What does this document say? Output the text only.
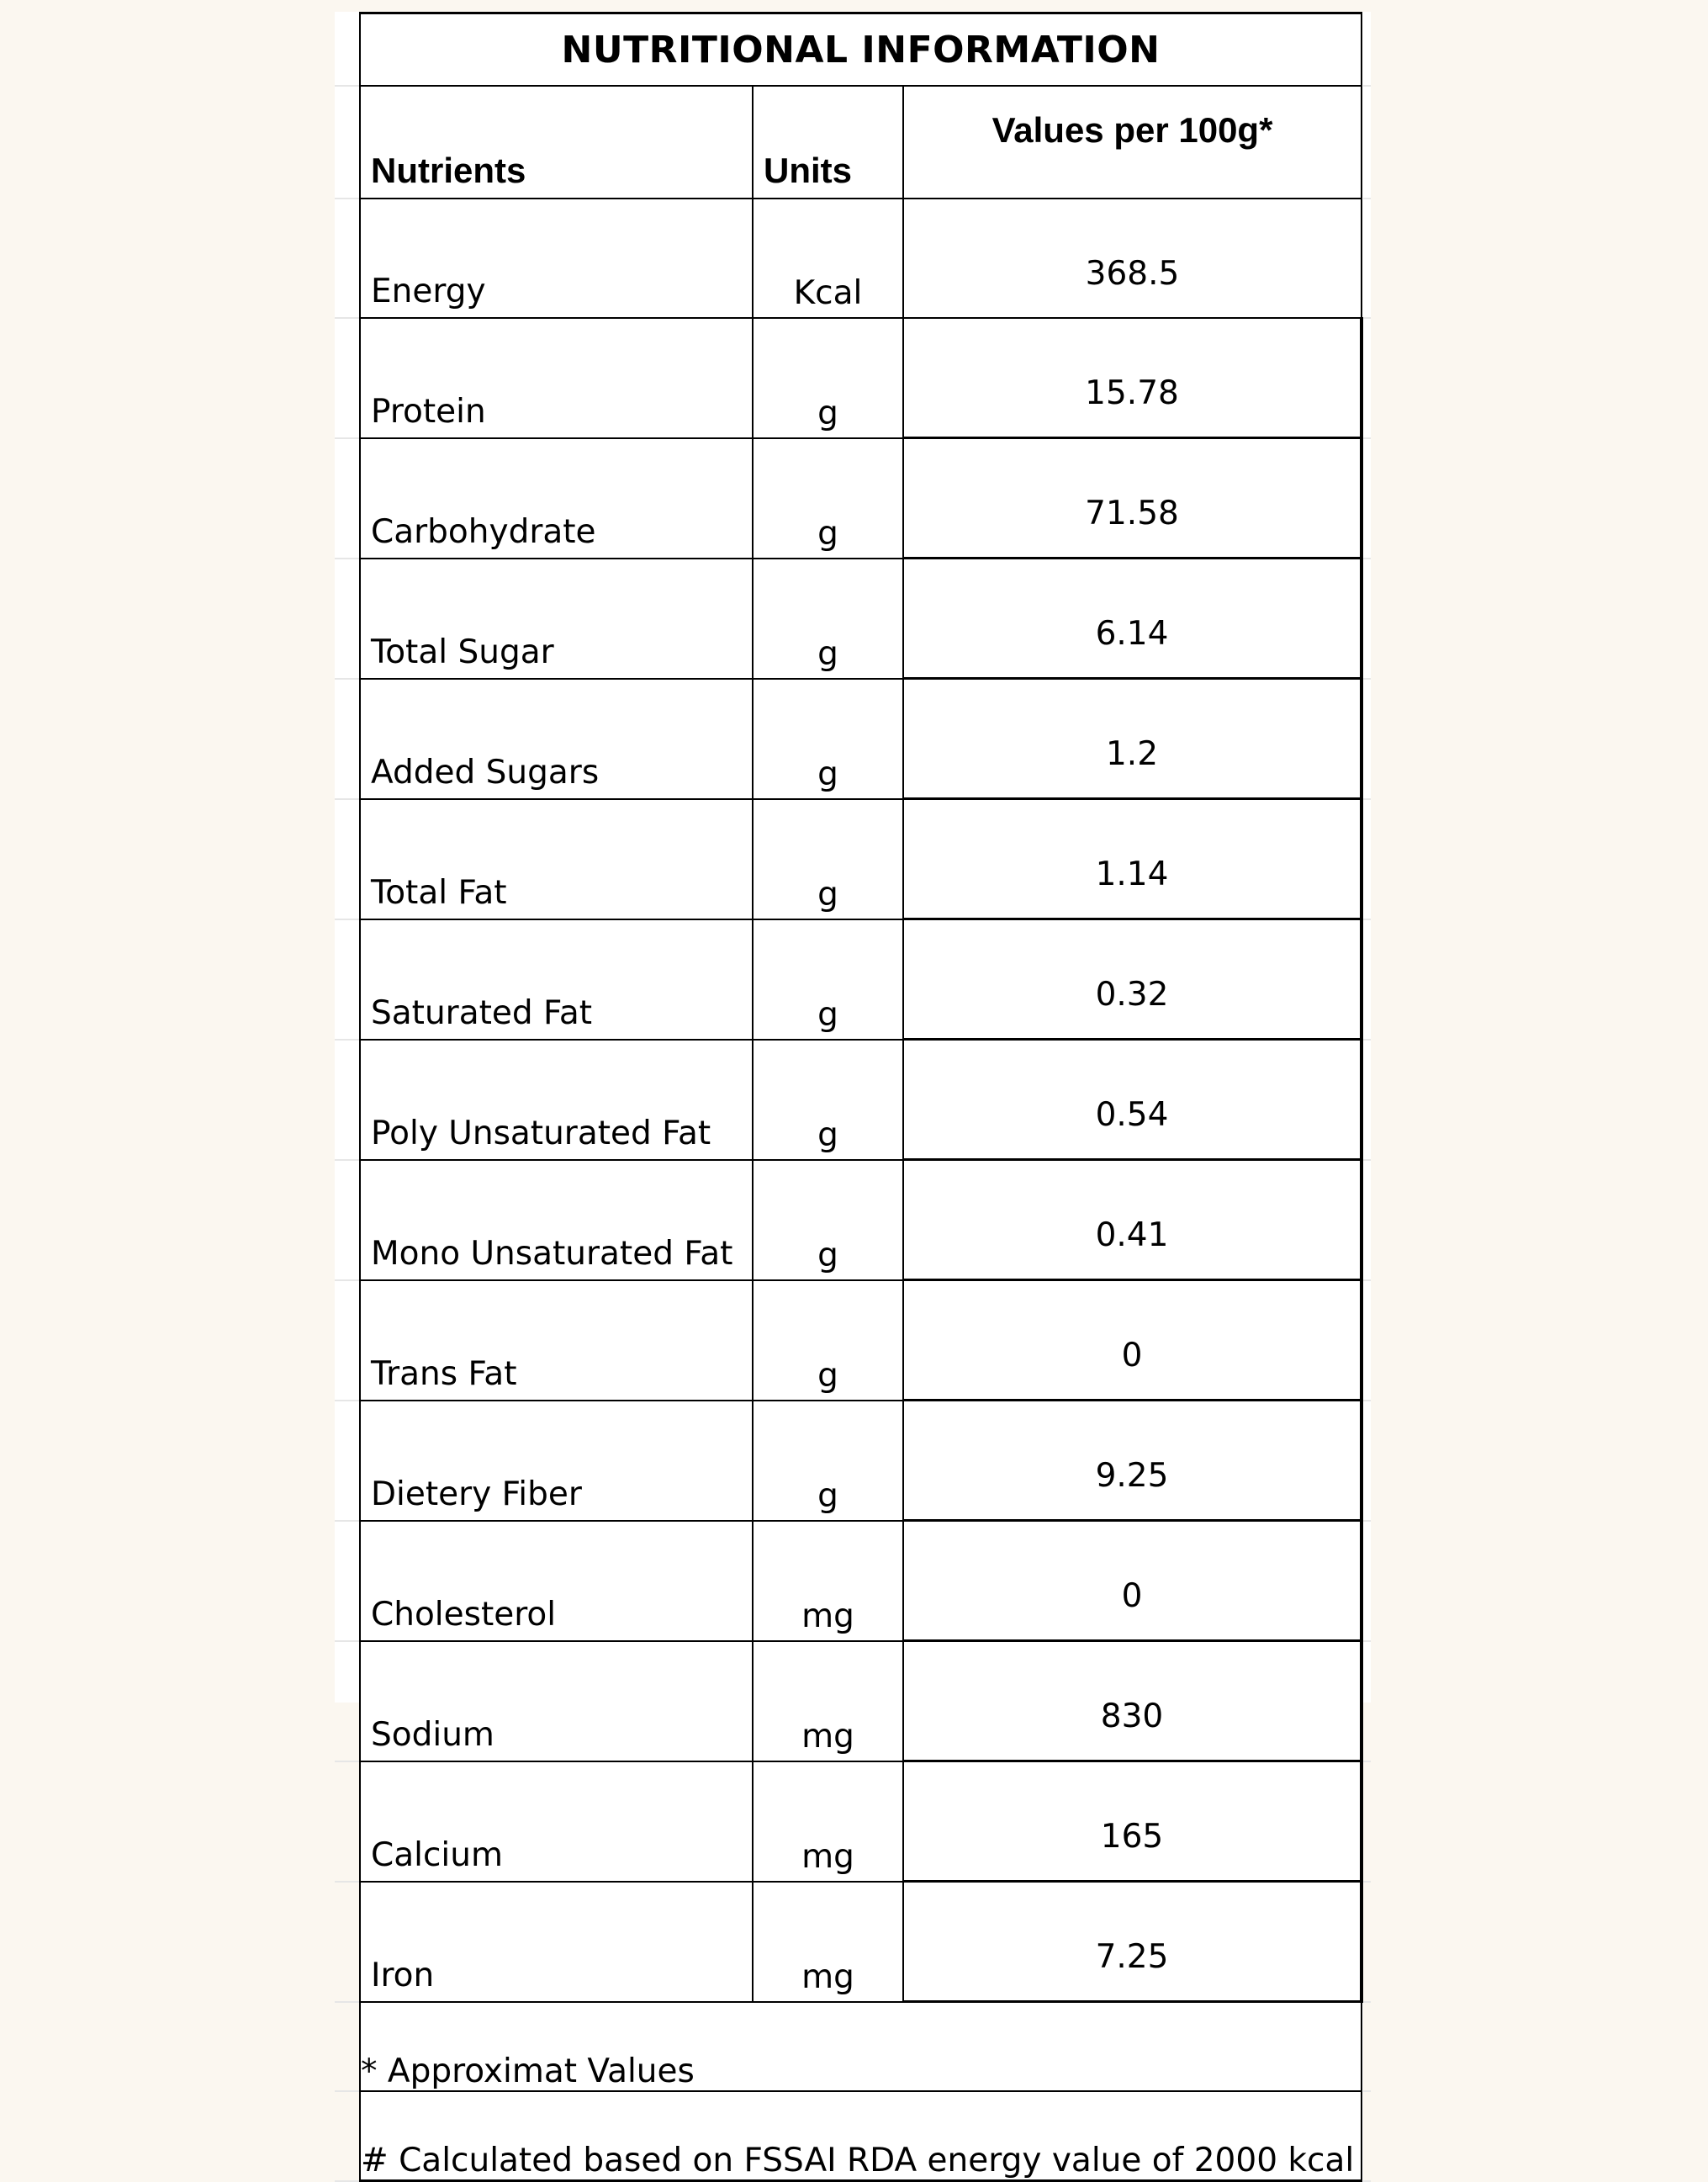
NUTRITIONAL INFORMATION		
Nutrients	Units	Values per 100g*
Energy	Kcal	368.5
Protein	g	15.78
Carbohydrate	g	71.58
Total Sugar	g	6.14
Added Sugars	g	1.2
Total Fat	g	1.14
Saturated Fat	g	0.32
Poly Unsaturated Fat	g	0.54
Mono Unsaturated Fat	g	0.41
Trans Fat	g	0
Dietery Fiber	g	9.25
Cholesterol	mg	0
Sodium	mg	830
Calcium	mg	165
Iron	mg	7.25
* Approximat Values		
# Calculated based on FSSAI RDA energy value of 2000 kcal		
